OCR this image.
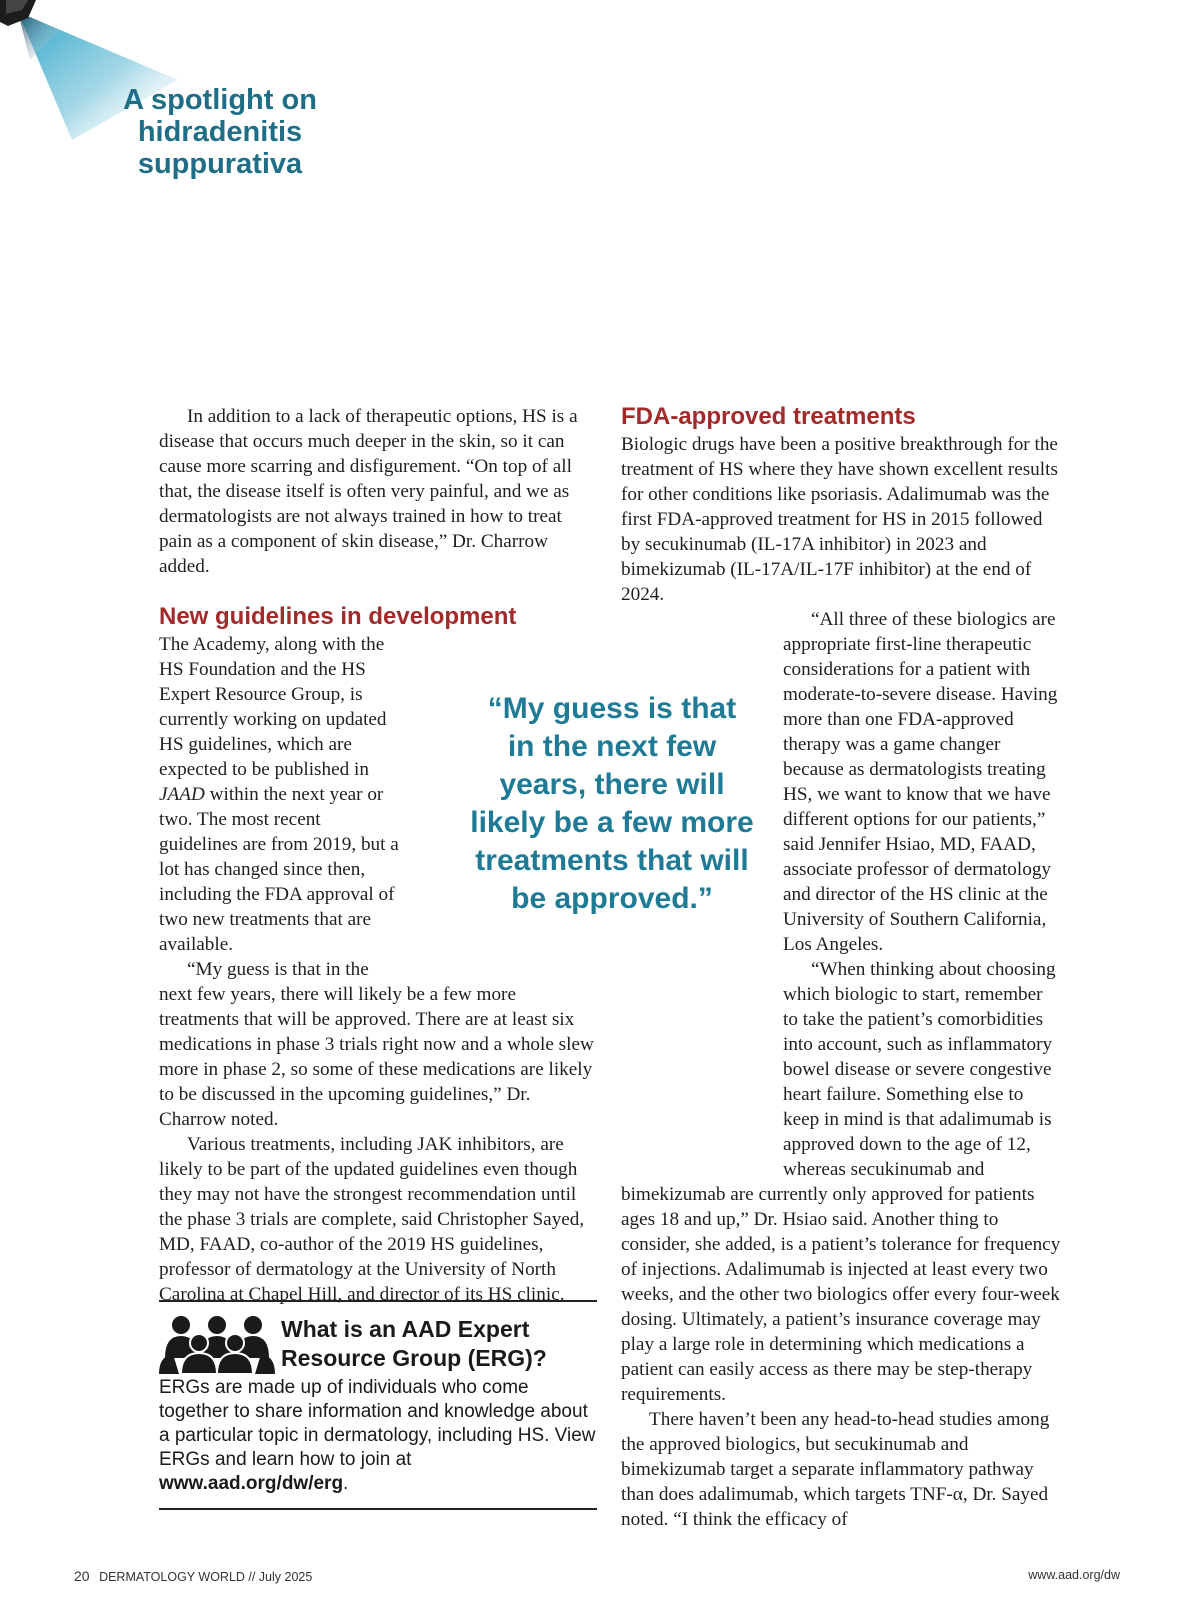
A spotlight on
hidradenitis
suppurativa

In addition to a lack of therapeutic options, HS is a disease that occurs much deeper in the skin, so it can cause more scarring and disfigurement. “On top of all that, the disease itself is often very painful, and we as dermatologists are not always trained in how to treat pain as a component of skin disease,” Dr. Charrow added.

New guidelines in development

The Academy, along with the HS Foundation and the HS Expert Resource Group, is currently working on updated HS guidelines, which are expected to be published in JAAD within the next year or two. The most recent guidelines are from 2019, but a lot has changed since then, including the FDA approval of two new treatments that are available.

“My guess is that in the next few years, there will likely be a few more treatments that will be approved. There are at least six medications in phase 3 trials right now and a whole slew more in phase 2, so some of these medications are likely to be discussed in the upcoming guidelines,” Dr. Charrow noted.

Various treatments, including JAK inhibitors, are likely to be part of the updated guidelines even though they may not have the strongest recommendation until the phase 3 trials are complete, said Christopher Sayed, MD, FAAD, co-author of the 2019 HS guidelines, professor of dermatology at the University of North Carolina at Chapel Hill, and director of its HS clinic.

“My guess is that
in the next few
years, there will
likely be a few more
treatments that will
be approved.”
What is an AAD Expert
Resource Group (ERG)?
ERGs are made up of individuals who come together to share information and knowledge about a particular topic in dermatology, including HS. View ERGs and learn how to join at www.aad.org/dw/erg.
FDA-approved treatments

Biologic drugs have been a positive breakthrough for the treatment of HS where they have shown excellent results for other conditions like psoriasis. Adalimumab was the first FDA-approved treatment for HS in 2015 followed by secukinumab (IL-17A inhibitor) in 2023 and bimekizumab (IL-17A/IL-17F inhibitor) at the end of 2024.

“All three of these biologics are appropriate first-line therapeutic considerations for a patient with moderate-to-severe disease. Having more than one FDA-approved therapy was a game changer because as dermatologists treating HS, we want to know that we have different options for our patients,” said Jennifer Hsiao, MD, FAAD, associate professor of dermatology and director of the HS clinic at the University of Southern California, Los Angeles.

“When thinking about choosing which biologic to start, remember to take the patient’s comorbidities into account, such as inflammatory bowel disease or severe congestive heart failure. Something else to keep in mind is that adalimumab is approved down to the age of 12, whereas secukinumab and bimekizumab are currently only approved for patients ages 18 and up,” Dr. Hsiao said. Another thing to consider, she added, is a patient’s tolerance for frequency of injections. Adalimumab is injected at least every two weeks, and the other two biologics offer every four-week dosing. Ultimately, a patient’s insurance coverage may play a large role in determining which medications a patient can easily access as there may be step-therapy requirements.

There haven’t been any head-to-head studies among the approved biologics, but secukinumab and bimekizumab target a separate inflammatory pathway than does adalimumab, which targets TNF-α, Dr. Sayed noted. “I think the efficacy of

20 DERMATOLOGY WORLD // July 2025	www.aad.org/dw
